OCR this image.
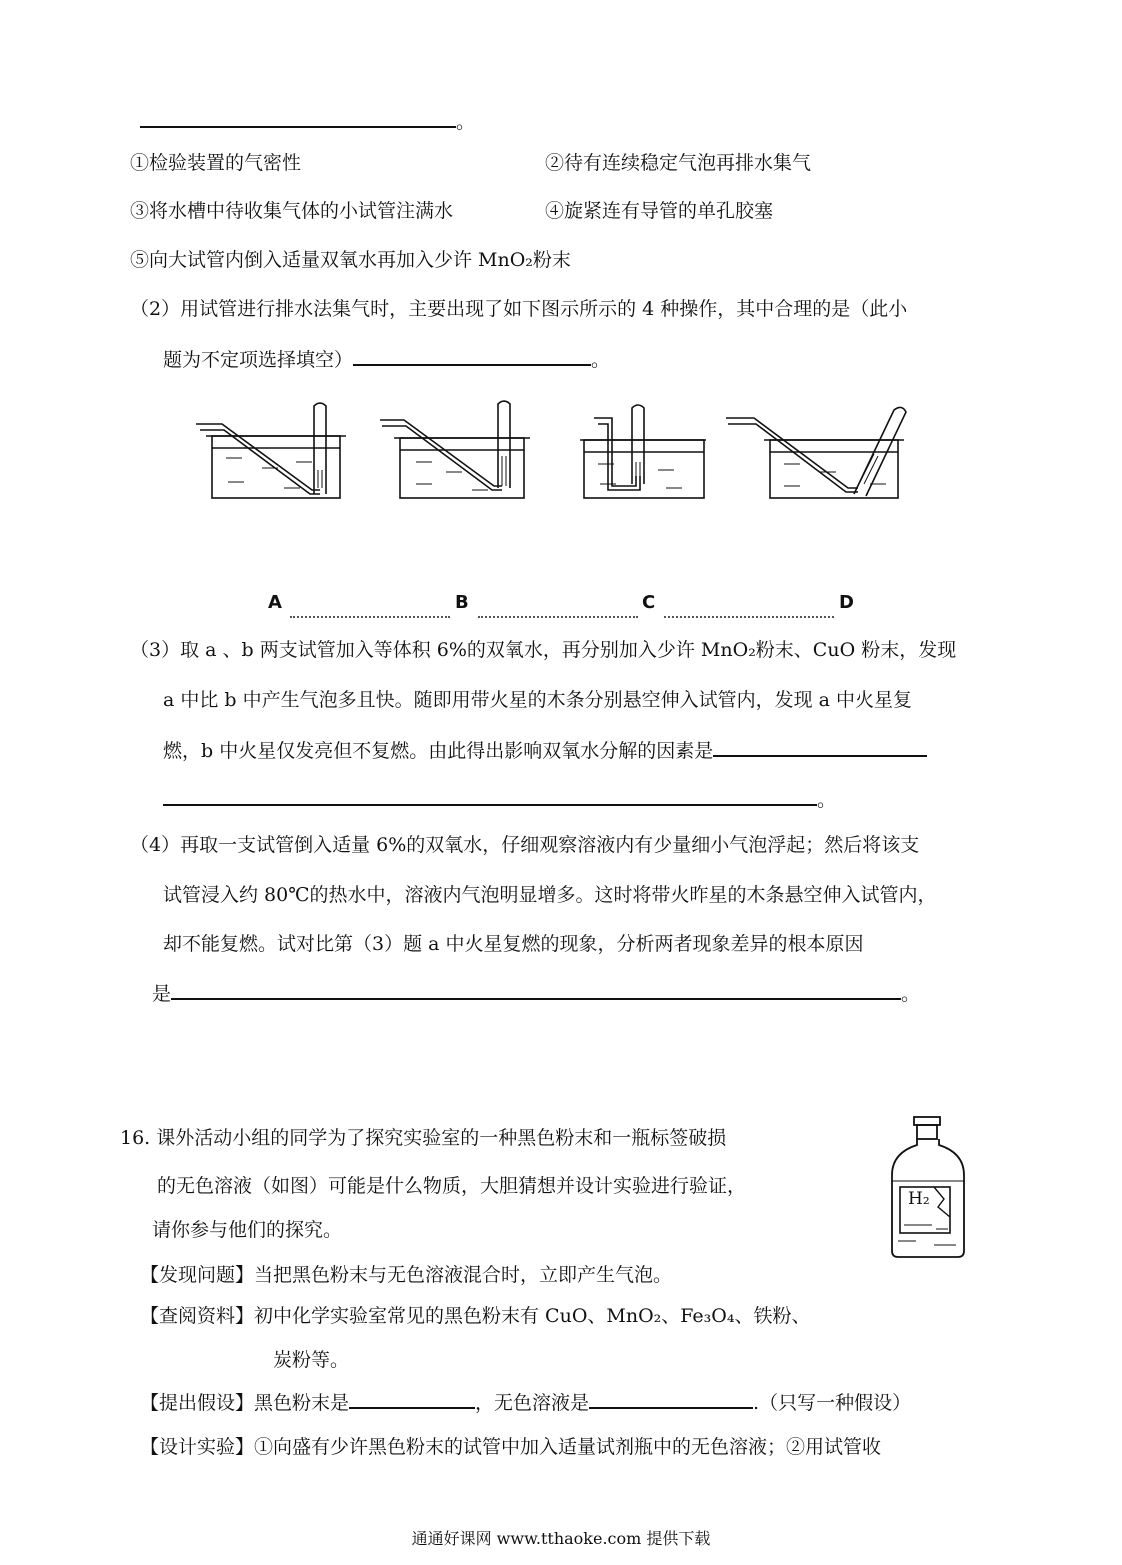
。
①检验装置的气密性	②待有连续稳定气泡再排水集气
③将水槽中待收集气体的小试管注满水	④旋紧连有导管的单孔胶塞
⑤向大试管内倒入适量双氧水再加入少许 MnO₂粉末
（2）用试管进行排水法集气时，主要出现了如下图示所示的 4 种操作，其中合理的是（此小
题为不定项选择填空）	。
A	B	C	D
（3）取 a 、b 两支试管加入等体积 6%的双氧水，再分别加入少许 MnO₂粉末、CuO 粉末，发现
a 中比 b 中产生气泡多且快。随即用带火星的木条分别悬空伸入试管内，发现 a 中火星复
燃，b 中火星仅发亮但不复燃。由此得出影响双氧水分解的因素是
。
（4）再取一支试管倒入适量 6%的双氧水，仔细观察溶液内有少量细小气泡浮起；然后将该支
试管浸入约 80℃的热水中，溶液内气泡明显增多。这时将带火昨星的木条悬空伸入试管内，
却不能复燃。试对比第（3）题 a 中火星复燃的现象，分析两者现象差异的根本原因
是	。
16. 课外活动小组的同学为了探究实验室的一种黑色粉末和一瓶标签破损
的无色溶液（如图）可能是什么物质，大胆猜想并设计实验进行验证，
请你参与他们的探究。
H₂
【发现问题】当把黑色粉末与无色溶液混合时，立即产生气泡。
【查阅资料】初中化学实验室常见的黑色粉末有 CuO、MnO₂、Fe₃O₄、铁粉、
炭粉等。
【提出假设】黑色粉末是	，无色溶液是	.（只写一种假设）
【设计实验】①向盛有少许黑色粉末的试管中加入适量试剂瓶中的无色溶液；②用试管收
通通好课网 www.tthaoke.com 提供下载
